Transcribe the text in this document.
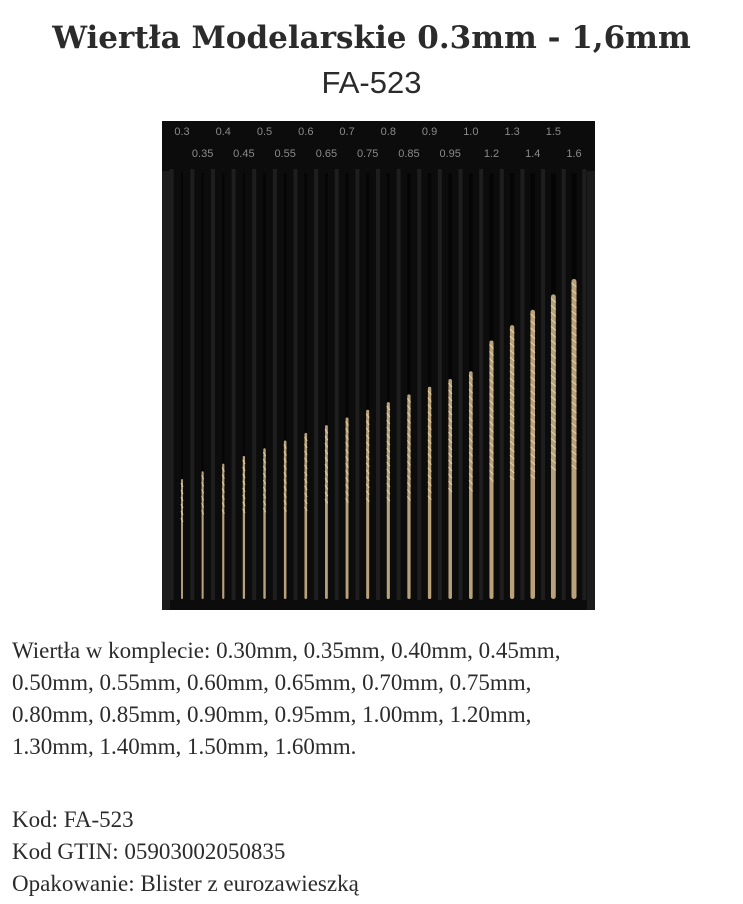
Wiertła Modelarskie 0.3mm - 1,6mm
FA-523
0.3 0.4 0.5 0.6 0.7 0.8 0.9 1.0 1.3 1.5
0.35 0.45 0.55 0.65 0.75 0.85 0.95 1.2 1.4 1.6

Wiertła w komplecie: 0.30mm, 0.35mm, 0.40mm, 0.45mm,

0.50mm, 0.55mm, 0.60mm, 0.65mm, 0.70mm, 0.75mm,

0.80mm, 0.85mm, 0.90mm, 0.95mm, 1.00mm, 1.20mm,

1.30mm, 1.40mm, 1.50mm, 1.60mm.

Kod: FA-523

Kod GTIN: 05903002050835

Opakowanie: Blister z eurozawieszką
